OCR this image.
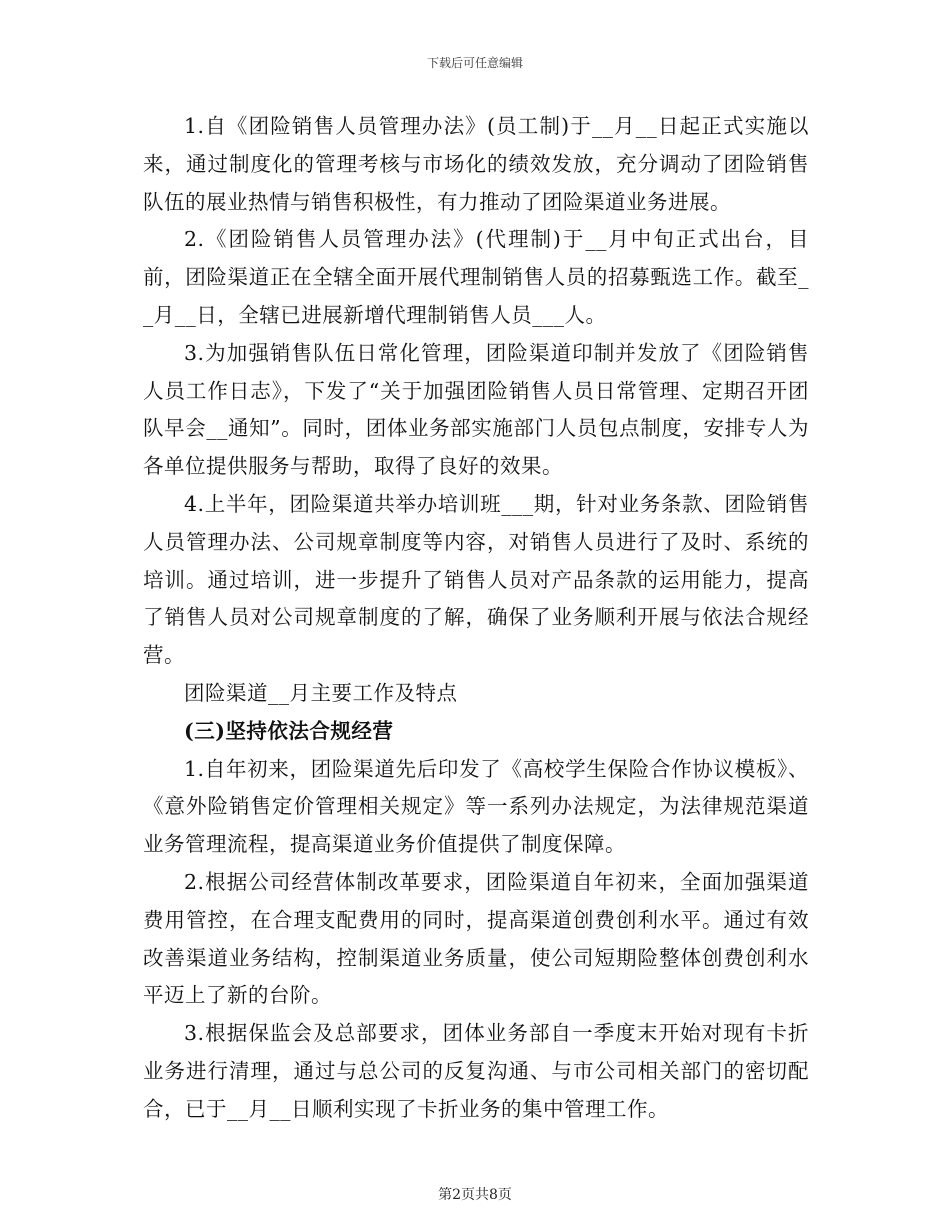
下载后可任意编辑

1.自《团险销售人员管理办法》(员工制)于__月__日起正式实施以来，通过制度化的管理考核与市场化的绩效发放，充分调动了团险销售队伍的展业热情与销售积极性，有力推动了团险渠道业务进展。

2.《团险销售人员管理办法》(代理制)于__月中旬正式出台，目前，团险渠道正在全辖全面开展代理制销售人员的招募甄选工作。截至__月__日，全辖已进展新增代理制销售人员___人。

3.为加强销售队伍日常化管理，团险渠道印制并发放了《团险销售人员工作日志》，下发了“关于加强团险销售人员日常管理、定期召开团队早会__通知”。同时，团体业务部实施部门人员包点制度，安排专人为各单位提供服务与帮助，取得了良好的效果。

4.上半年，团险渠道共举办培训班___期，针对业务条款、团险销售人员管理办法、公司规章制度等内容，对销售人员进行了及时、系统的培训。通过培训，进一步提升了销售人员对产品条款的运用能力，提高了销售人员对公司规章制度的了解，确保了业务顺利开展与依法合规经营。

团险渠道__月主要工作及特点

(三)坚持依法合规经营

1.自年初来，团险渠道先后印发了《高校学生保险合作协议模板》、《意外险销售定价管理相关规定》等一系列办法规定，为法律规范渠道业务管理流程，提高渠道业务价值提供了制度保障。

2.根据公司经营体制改革要求，团险渠道自年初来，全面加强渠道费用管控，在合理支配费用的同时，提高渠道创费创利水平。通过有效改善渠道业务结构，控制渠道业务质量，使公司短期险整体创费创利水平迈上了新的台阶。

3.根据保监会及总部要求，团体业务部自一季度末开始对现有卡折业务进行清理，通过与总公司的反复沟通、与市公司相关部门的密切配合，已于__月__日顺利实现了卡折业务的集中管理工作。

第2页共8页
